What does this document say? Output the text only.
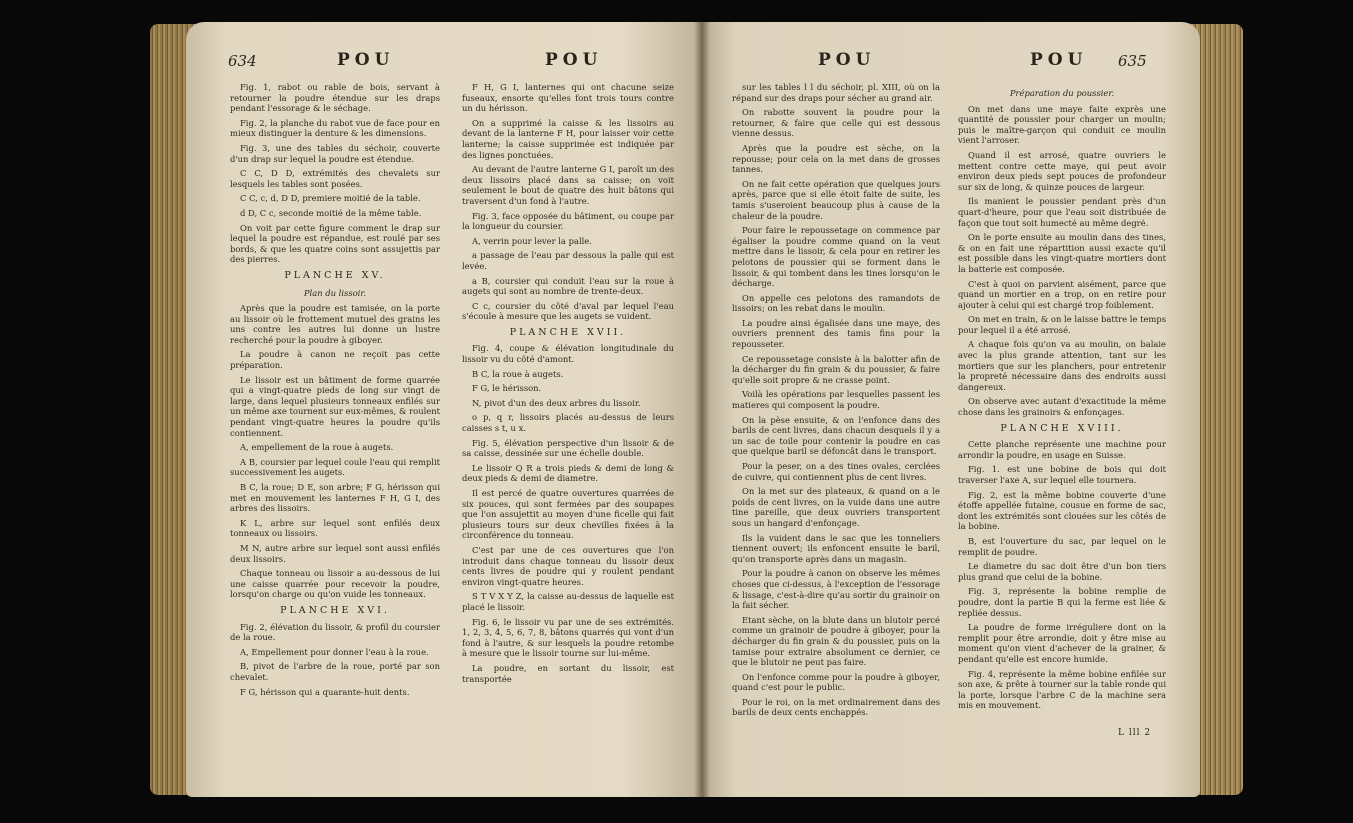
634	POU	POU	POU	POU 635

Fig. 1, rabot ou rable de bois, servant à retourner la poudre étendue sur les draps pendant l'essorage & le séchage.

Fig. 2, la planche du rabot vue de face pour en mieux distinguer la denture & les dimensions.

Fig. 3, une des tables du séchoir, couverte d'un drap sur lequel la poudre est étendue.

C C, D D, extrémités des chevalets sur lesquels les tables sont posées.

C C, c, d, D D, premiere moitié de la table.

d D, C c, seconde moitié de la même table.

On voit par cette figure comment le drap sur lequel la poudre est répandue, est roulé par ses bords, & que les quatre coins sont assujettis par des pierres.

PLANCHE XV.

Plan du lissoir.

Après que la poudre est tamisée, on la porte au lissoir où le frottement mutuel des grains les uns contre les autres lui donne un lustre recherché pour la poudre à giboyer.

La poudre à canon ne reçoit pas cette préparation.

Le lissoir est un bâtiment de forme quarrée qui a vingt-quatre pieds de long sur vingt de large, dans lequel plusieurs tonneaux enfilés sur un même axe tournent sur eux-mêmes, & roulent pendant vingt-quatre heures la poudre qu'ils contiennent.

A, empellement de la roue à augets.

A B, coursier par lequel coule l'eau qui remplit successivement les augets.

B C, la roue; D E, son arbre; F G, hérisson qui met en mouvement les lanternes F H, G I, des arbres des lissoirs.

K L, arbre sur lequel sont enfilés deux tonneaux ou lissoirs.

M N, autre arbre sur lequel sont aussi enfilés deux lissoirs.

Chaque tonneau ou lissoir a au-dessous de lui une caisse quarrée pour recevoir la poudre, lorsqu'on charge ou qu'on vuide les tonneaux.

PLANCHE XVI.

Fig. 2, élévation du lissoir, & profil du coursier de la roue.

A, Empellement pour donner l'eau à la roue.

B, pivot de l'arbre de la roue, porté par son chevalet.

F G, hérisson qui a quarante-huit dents.

F H, G I, lanternes qui ont chacune seize fuseaux, ensorte qu'elles font trois tours contre un du hérisson.

On a supprimé la caisse & les lissoirs au devant de la lanterne F H, pour laisser voir cette lanterne; la caisse supprimée est indiquée par des lignes ponctuées.

Au devant de l'autre lanterne G I, paroît un des deux lissoirs placé dans sa caisse; on voit seulement le bout de quatre des huit bâtons qui traversent d'un fond à l'autre.

Fig. 3, face opposée du bâtiment, ou coupe par la longueur du coursier.

A, verrin pour lever la palle.

a passage de l'eau par dessous la palle qui est levée.

a B, coursier qui conduit l'eau sur la roue à augets qui sont au nombre de trente-deux.

C c, coursier du côté d'aval par lequel l'eau s'écoule à mesure que les augets se vuident.

PLANCHE XVII.

Fig. 4, coupe & élévation longitudinale du lissoir vu du côté d'amont.

B C, la roue à augets.

F G, le hérisson.

N, pivot d'un des deux arbres du lissoir.

o p, q r, lissoirs placés au-dessus de leurs caisses s t, u x.

Fig. 5, élévation perspective d'un lissoir & de sa caisse, dessinée sur une échelle double.

Le lissoir Q R a trois pieds & demi de long & deux pieds & demi de diametre.

Il est percé de quatre ouvertures quarrées de six pouces, qui sont fermées par des soupapes que l'on assujettit au moyen d'une ficelle qui fait plusieurs tours sur deux chevilles fixées à la circonférence du tonneau.

C'est par une de ces ouvertures que l'on introduit dans chaque tonneau du lissoir deux cents livres de poudre qui y roulent pendant environ vingt-quatre heures.

S T V X Y Z, la caisse au-dessus de laquelle est placé le lissoir.

Fig. 6, le lissoir vu par une de ses extrémités. 1, 2, 3, 4, 5, 6, 7, 8, bâtons quarrés qui vont d'un fond à l'autre, & sur lesquels la poudre retombe à mesure que le lissoir tourne sur lui-même.

La poudre, en sortant du lissoir, est transportée

sur les tables l l du séchoir, pl. XIII, où on la répand sur des draps pour sécher au grand air.

On rabotte souvent la poudre pour la retourner, & faire que celle qui est dessous vienne dessus.

Après que la poudre est sèche, on la repousse; pour cela on la met dans de grosses tannes.

On ne fait cette opération que quelques jours après, parce que si elle étoit faite de suite, les tamis s'useroient beaucoup plus à cause de la chaleur de la poudre.

Pour faire le repoussetage on commence par égaliser la poudre comme quand on la veut mettre dans le lissoir, & cela pour en retirer les pelotons de poussier qui se forment dans le lissoir, & qui tombent dans les tines lorsqu'on le décharge.

On appelle ces pelotons des ramandots de lissoirs; on les rebat dans le moulin.

La poudre ainsi égalisée dans une maye, des ouvriers prennent des tamis fins pour la repousseter.

Ce repoussetage consiste à la balotter afin de la décharger du fin grain & du poussier, & faire qu'elle soit propre & ne crasse point.

Voilà les opérations par lesquelles passent les matieres qui composent la poudre.

On la pèse ensuite, & on l'enfonce dans des barils de cent livres, dans chacun desquels il y a un sac de toile pour contenir la poudre en cas que quelque baril se défoncât dans le transport.

Pour la peser, on a des tines ovales, cerclées de cuivre, qui contiennent plus de cent livres.

On la met sur des plateaux, & quand on a le poids de cent livres, on la vuide dans une autre tine pareille, que deux ouvriers transportent sous un hangard d'enfonçage.

Ils la vuident dans le sac que les tonneliers tiennent ouvert; ils enfoncent ensuite le baril, qu'on transporte après dans un magasin.

Pour la poudre à canon on observe les mêmes choses que ci-dessus, à l'exception de l'essorage & lissage, c'est-à-dire qu'au sortir du grainoir on la fait sécher.

Etant sèche, on la blute dans un blutoir percé comme un grainoir de poudre à giboyer, pour la décharger du fin grain & du poussier, puis on la tamise pour extraire absolument ce dernier, ce que le blutoir ne peut pas faire.

On l'enfonce comme pour la poudre à giboyer, quand c'est pour le public.

Pour le roi, on la met ordinairement dans des barils de deux cents enchappés.

Préparation du poussier.

On met dans une maye faite exprès une quantité de poussier pour charger un moulin; puis le maître-garçon qui conduit ce moulin vient l'arroser.

Quand il est arrosé, quatre ouvriers le mettent contre cette maye, qui peut avoir environ deux pieds sept pouces de profondeur sur six de long, & quinze pouces de largeur.

Ils manient le poussier pendant près d'un quart-d'heure, pour que l'eau soit distribuée de façon que tout soit humecté au même degré.

On le porte ensuite au moulin dans des tines, & on en fait une répartition aussi exacte qu'il est possible dans les vingt-quatre mortiers dont la batterie est composée.

C'est à quoi on parvient aisément, parce que quand un mortier en a trop, on en retire pour ajouter à celui qui est chargé trop foiblement.

On met en train, & on le laisse battre le temps pour lequel il a été arrosé.

A chaque fois qu'on va au moulin, on balaie avec la plus grande attention, tant sur les mortiers que sur les planchers, pour entretenir la propreté nécessaire dans des endroits aussi dangereux.

On observe avec autant d'exactitude la même chose dans les grainoirs & enfonçages.

PLANCHE XVIII.

Cette planche représente une machine pour arrondir la poudre, en usage en Suisse.

Fig. 1. est une bobine de bois qui doit traverser l'axe A, sur lequel elle tournera.

Fig. 2, est la même bobine couverte d'une étoffe appellée futaine, cousue en forme de sac, dont les extrémités sont clouées sur les côtés de la bobine.

B, est l'ouverture du sac, par lequel on le remplit de poudre.

Le diametre du sac doit être d'un bon tiers plus grand que celui de la bobine.

Fig. 3, représente la bobine remplie de poudre, dont la partie B qui la ferme est liée & repliée dessus.

La poudre de forme irréguliere dont on la remplit pour être arrondie, doit y être mise au moment qu'on vient d'achever de la grainer, & pendant qu'elle est encore humide.

Fig. 4, représente la même bobine enfilée sur son axe, & prête à tourner sur la table ronde qui la porte, lorsque l'arbre C de la machine sera mis en mouvement.

L lll 2
